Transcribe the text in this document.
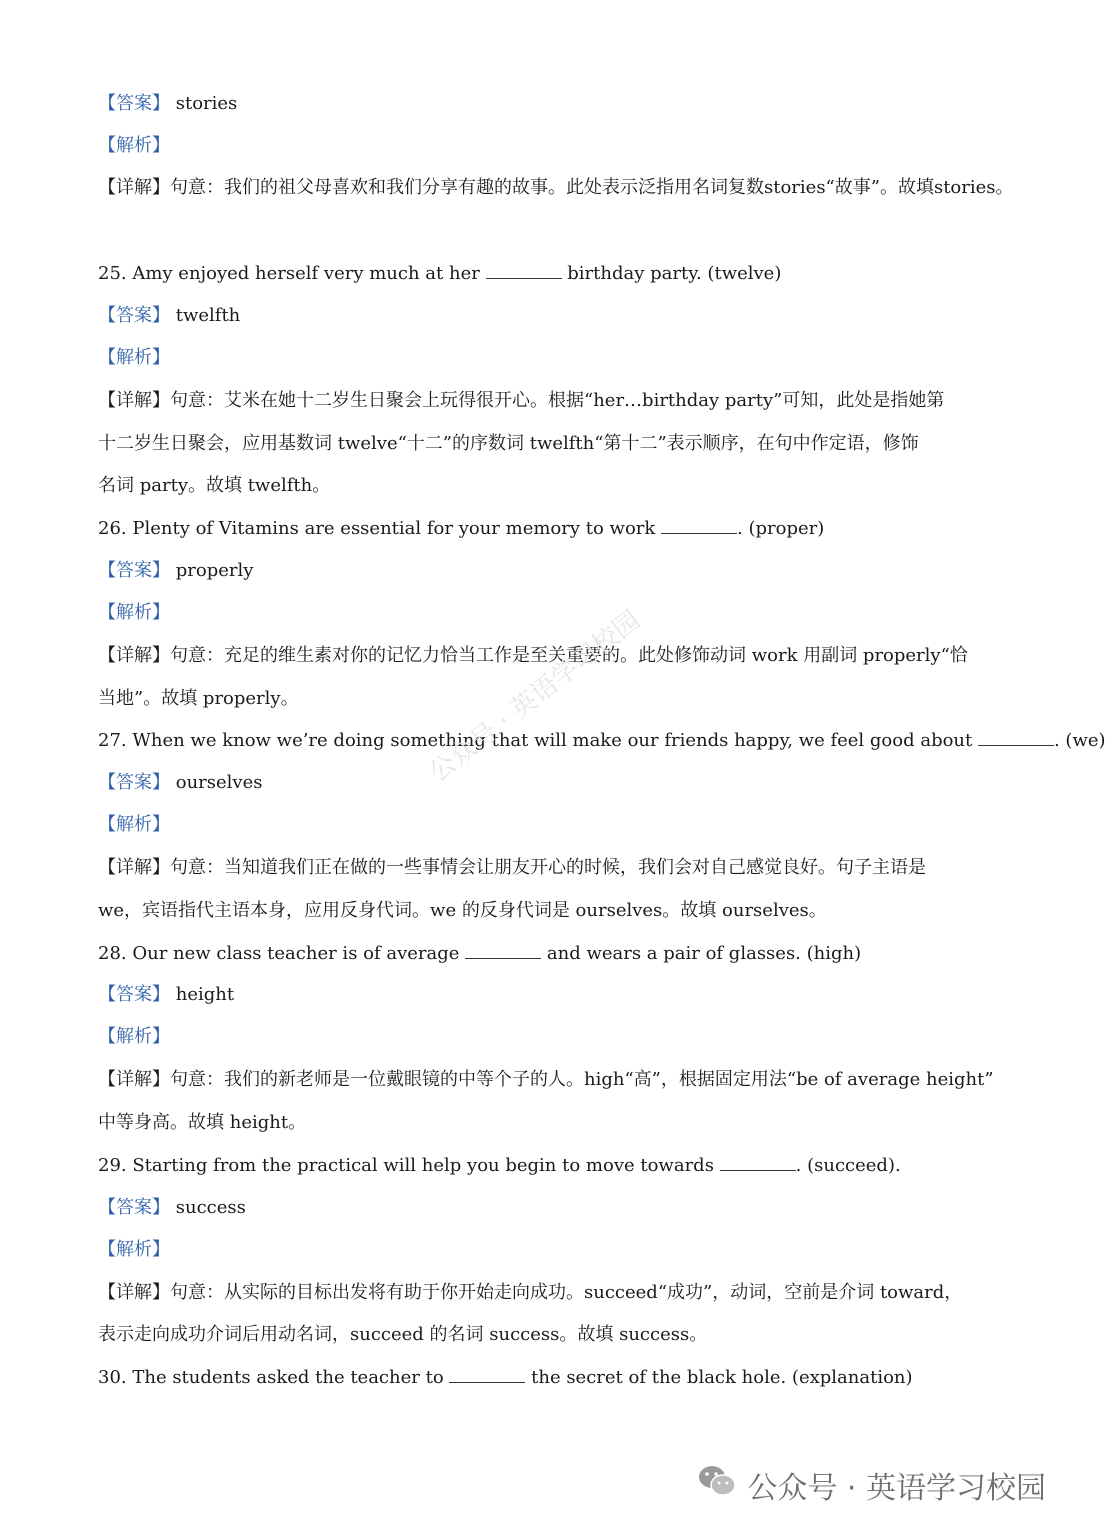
【答案】 stories
【解析】
【详解】句意：我们的祖父母喜欢和我们分享有趣的故事。此处表示泛指用名词复数stories“故事”。故填stories。
25. Amy enjoyed herself very much at her	birthday party. (twelve)
【答案】 twelfth
【解析】
【详解】句意：艾米在她十二岁生日聚会上玩得很开心。根据“her…birthday party”可知，此处是指她第
十二岁生日聚会，应用基数词 twelve“十二”的序数词 twelfth“第十二”表示顺序，在句中作定语，修饰
名词 party。故填 twelfth。
26. Plenty of Vitamins are essential for your memory to work	. (proper)
【答案】 properly
【解析】
【详解】句意：充足的维生素对你的记忆力恰当工作是至关重要的。此处修饰动词 work 用副词 properly“恰
当地”。故填 properly。
27. When we know we’re doing something that will make our friends happy, we feel good about	. (we)
【答案】 ourselves
【解析】
【详解】句意：当知道我们正在做的一些事情会让朋友开心的时候，我们会对自己感觉良好。句子主语是
we，宾语指代主语本身，应用反身代词。we 的反身代词是 ourselves。故填 ourselves。
28. Our new class teacher is of average	and wears a pair of glasses. (high)
【答案】 height
【解析】
【详解】句意：我们的新老师是一位戴眼镜的中等个子的人。high“高”，根据固定用法“be of average height”
中等身高。故填 height。
29. Starting from the practical will help you begin to move towards	. (succeed).
【答案】 success
【解析】
【详解】句意：从实际的目标出发将有助于你开始走向成功。succeed“成功”，动词，空前是介词 toward，
表示走向成功介词后用动名词，succeed 的名词 success。故填 success。
30. The students asked the teacher to	the secret of the black hole. (explanation)
公众号 · 英语学习校园
公众号 · 英语学习校园
